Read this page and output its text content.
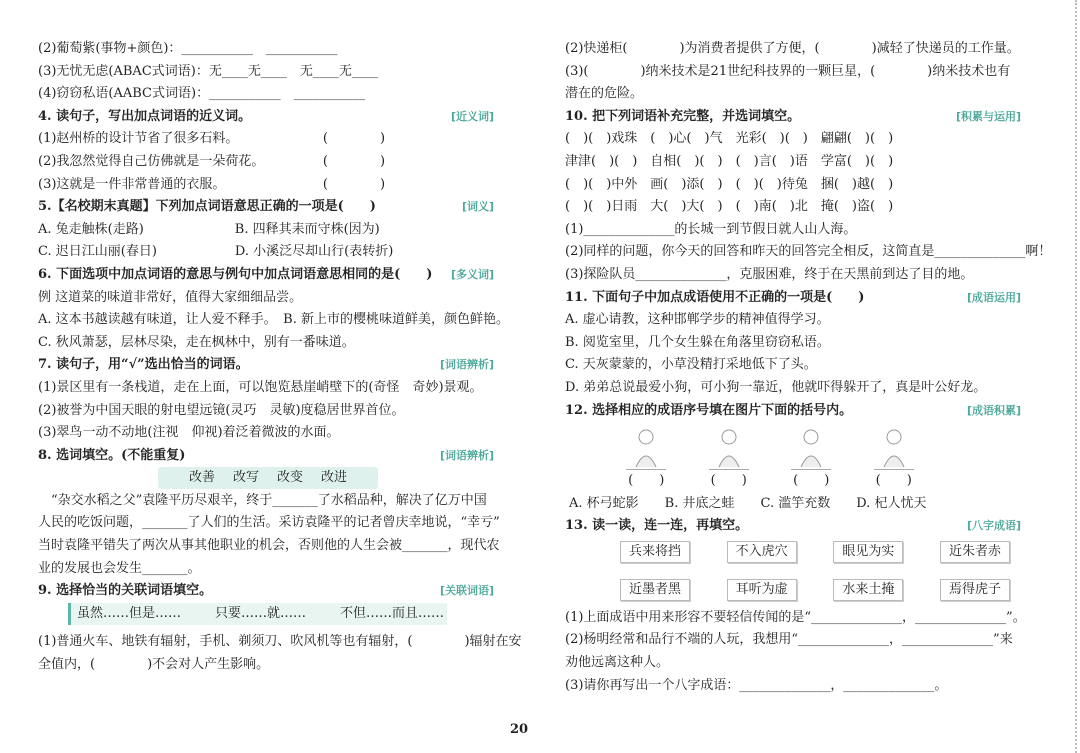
(2)葡萄紫(事物+颜色)：___________　___________
(3)无忧无虑(ABAC式词语)：无____无____　无____无____
(4)窃窃私语(AABC式词语)：___________　___________
4. 读句子，写出加点词语的近义词。	[ 近义词 ]
(1)赵州桥的设计节省了很多石料。　　　　　　　(　　　　)
(2)我忽然觉得自己仿佛就是一朵荷花。　　　　　(　　　　)
(3)这就是一件非常普通的衣服。　　　　　　　　(　　　　)
5.【名校期末真题】下列加点词语意思正确的一项是(　　)	[ 词义 ]
A. 兔走触株(走路)　　　　　　　B. 四释其耒而守株(因为)
C. 迟日江山丽(春日)　　　　　　D. 小溪泛尽却山行(表转折)
6. 下面选项中加点词语的意思与例句中加点词语意思相同的是(　　)	[ 多义词 ]
例 这道菜的味道非常好，值得大家细细品尝。
A. 这本书越读越有味道，让人爱不释手。　B. 新上市的樱桃味道鲜美，颜色鲜艳。
C. 秋风萧瑟，层林尽染，走在枫林中，别有一番味道。
7. 读句子，用“√”选出恰当的词语。	[ 词语辨析 ]
(1)景区里有一条栈道，走在上面，可以饱览悬崖峭壁下的(奇怪　奇妙)景观。
(2)被誉为中国天眼的射电望远镜(灵巧　灵敏)度稳居世界首位。
(3)翠鸟一动不动地(注视　仰视)着泛着微波的水面。
8. 选词填空。(不能重复)	[ 词语辨析 ]
改善 改写 改变 改进
　“杂交水稻之父”袁隆平历尽艰辛，终于_______了水稻品种，解决了亿万中国
人民的吃饭问题，_______了人们的生活。采访袁隆平的记者曾庆幸地说，“幸亏”
当时袁隆平错失了两次从事其他职业的机会，否则他的人生会被_______，现代农
业的发展也会发生_______。
9. 选择恰当的关联词语填空。	[ 关联词语 ]
虽然……但是……	只要……就……	不但……而且……
(1)普通火车、地铁有辐射，手机、剃须刀、吹风机等也有辐射，(　　　　)辐射在安
全值内，(　　　　)不会对人产生影响。
(2)快递柜(　　　　)为消费者提供了方便，(　　　　)减轻了快递员的工作量。
(3)(　　　　)纳米技术是21世纪科技界的一颗巨星，(　　　　)纳米技术也有
潜在的危险。
10. 把下列词语补充完整，并选词填空。	[ 积累与运用 ]
(　)(　)戏珠　(　)心(　)气　光彩(　)(　)　翩翩(　)(　)
津津(　)(　)　自相(　)(　)　(　)言(　)语　学富(　)(　)
(　)(　)中外　画(　)添(　)　(　)(　)待兔　捆(　)越(　)
(　)(　)日雨　大(　)大(　)　(　)南(　)北　掩(　)盗(　)
(1)______________的长城一到节假日就人山人海。
(2)同样的问题，你今天的回答和昨天的回答完全相反，这简直是______________啊！
(3)探险队员______________，克服困难，终于在天黑前到达了目的地。
11. 下面句子中加点成语使用不正确的一项是(　　)	[ 成语运用 ]
A. 虚心请教，这种邯郸学步的精神值得学习。
B. 阅览室里，几个女生躲在角落里窃窃私语。
C. 天灰蒙蒙的，小草没精打采地低下了头。
D. 弟弟总说最爱小狗，可小狗一靠近，他就吓得躲开了，真是叶公好龙。
12. 选择相应的成语序号填在图片下面的括号内。	[ 成语积累 ]
(　　)	(　　)	(　　)	(　　)
A. 杯弓蛇影　　B. 井底之蛙　　C. 滥竽充数　　D. 杞人忧天
13. 读一读，连一连，再填空。	[ 八字成语 ]
兵来将挡	不入虎穴	眼见为实	近朱者赤
近墨者黑	耳听为虚	水来土掩	焉得虎子
(1)上面成语中用来形容不要轻信传闻的是“______________，______________”。
(2)杨明经常和品行不端的人玩，我想用“______________，______________”来
劝他远离这种人。
(3)请你再写出一个八字成语：______________，______________。
20
